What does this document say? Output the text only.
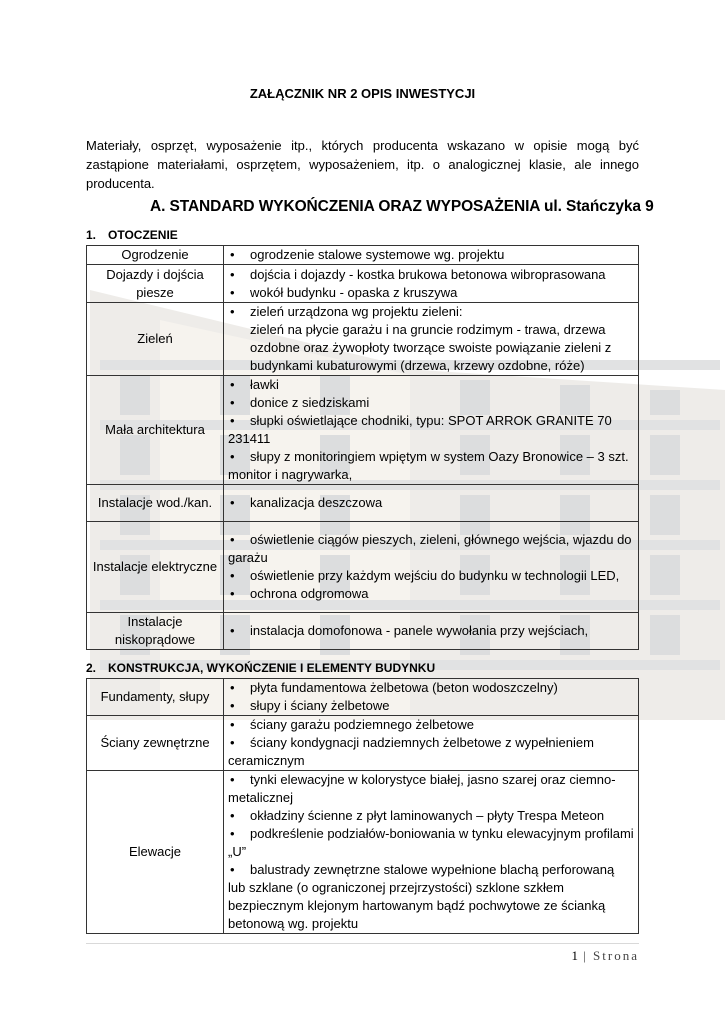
ZAŁĄCZNIK NR 2 OPIS INWESTYCJI
Materiały, osprzęt, wyposażenie itp., których producenta wskazano w opisie mogą być zastąpione materiałami, osprzętem, wyposażeniem, itp. o analogicznej klasie, ale innego producenta.
A. STANDARD WYKOŃCZENIA ORAZ WYPOSAŻENIA ul. Stańczyka 9
1. OTOCZENIE
Ogrodzenie	• ogrodzenie stalowe systemowe wg. projektu

Dojazdy i dojścia piesze	• dojścia i dojazdy - kostka brukowa betonowa wibroprasowana
• wokół budynku - opaska z kruszywa

Zieleń	• zieleń urządzona wg projektu zieleni:
zieleń na płycie garażu i na gruncie rodzimym - trawa, drzewa ozdobne oraz żywopłoty tworzące swoiste powiązanie zieleni z budynkami kubaturowymi (drzewa, krzewy ozdobne, róże)

Mała architektura	• ławki
• donice z siedziskami
• słupki oświetlające chodniki, typu: SPOT ARROK GRANITE 70 231411
• słupy z monitoringiem wpiętym w system Oazy Bronowice – 3 szt. monitor i nagrywarka,

Instalacje wod./kan.	• kanalizacja deszczowa

Instalacje elektryczne	• oświetlenie ciągów pieszych, zieleni, głównego wejścia, wjazdu do garażu
• oświetlenie przy każdym wejściu do budynku w technologii LED,
• ochrona odgromowa

Instalacje niskoprądowe	• instalacja domofonowa - panele wywołania przy wejściach,
2. KONSTRUKCJA, WYKOŃCZENIE I ELEMENTY BUDYNKU
Fundamenty, słupy	• płyta fundamentowa żelbetowa (beton wodoszczelny)
• słupy i ściany żelbetowe

Ściany zewnętrzne	• ściany garażu podziemnego żelbetowe
• ściany kondygnacji nadziemnych żelbetowe z wypełnieniem ceramicznym

Elewacje	• tynki elewacyjne w kolorystyce białej, jasno szarej oraz ciemno-metalicznej
• okładziny ścienne z płyt laminowanych – płyty Trespa Meteon
• podkreślenie podziałów-boniowania w tynku elewacyjnym profilami „U”
• balustrady zewnętrzne stalowe wypełnione blachą perforowaną lub szklane (o ograniczonej przejrzystości) szklone szkłem bezpiecznym klejonym hartowanym bądź pochwytowe ze ścianką betonową wg. projektu
1 | Strona
